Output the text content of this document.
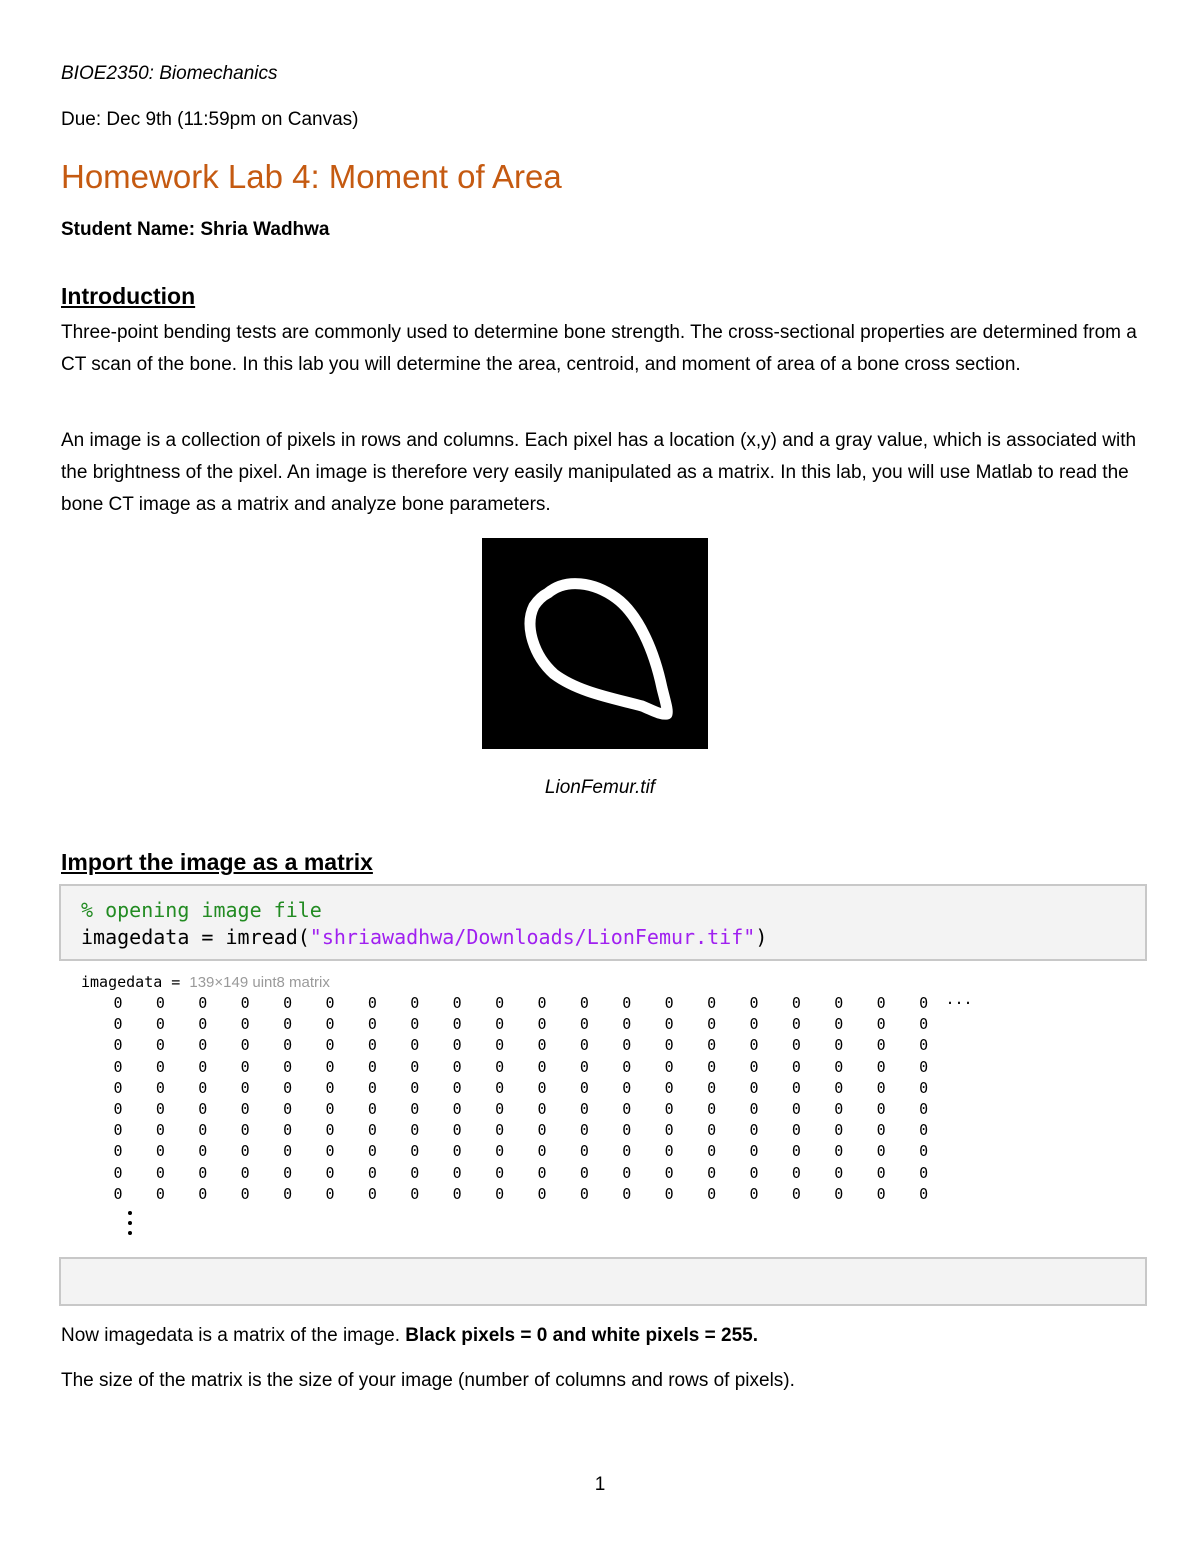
BIOE2350: Biomechanics
Due: Dec 9th (11:59pm on Canvas)
Homework Lab 4: Moment of Area
Student Name: Shria Wadhwa
Introduction

Three-point bending tests are commonly used to determine bone strength. The cross-sectional properties are determined from a CT scan of the bone. In this lab you will determine the area, centroid, and moment of area of a bone cross section.

An image is a collection of pixels in rows and columns. Each pixel has a location (x,y) and a gray value, which is associated with the brightness of the pixel. An image is therefore very easily manipulated as a matrix. In this lab, you will use Matlab to read the bone CT image as a matrix and analyze bone parameters.

LionFemur.tif
Import the image as a matrix
% opening image file
imagedata = imread("shriawadhwa/Downloads/LionFemur.tif")
imagedata = 139×149 uint8 matrix
0	0	0	0	0	0	0	0	0	0	0	0	0	0	0	0	0	0	0	0	···
0	0	0	0	0	0	0	0	0	0	0	0	0	0	0	0	0	0	0	0
0	0	0	0	0	0	0	0	0	0	0	0	0	0	0	0	0	0	0	0
0	0	0	0	0	0	0	0	0	0	0	0	0	0	0	0	0	0	0	0
0	0	0	0	0	0	0	0	0	0	0	0	0	0	0	0	0	0	0	0
0	0	0	0	0	0	0	0	0	0	0	0	0	0	0	0	0	0	0	0
0	0	0	0	0	0	0	0	0	0	0	0	0	0	0	0	0	0	0	0
0	0	0	0	0	0	0	0	0	0	0	0	0	0	0	0	0	0	0	0
0	0	0	0	0	0	0	0	0	0	0	0	0	0	0	0	0	0	0	0
0	0	0	0	0	0	0	0	0	0	0	0	0	0	0	0	0	0	0	0

Now imagedata is a matrix of the image. Black pixels = 0 and white pixels = 255.

The size of the matrix is the size of your image (number of columns and rows of pixels).

1
